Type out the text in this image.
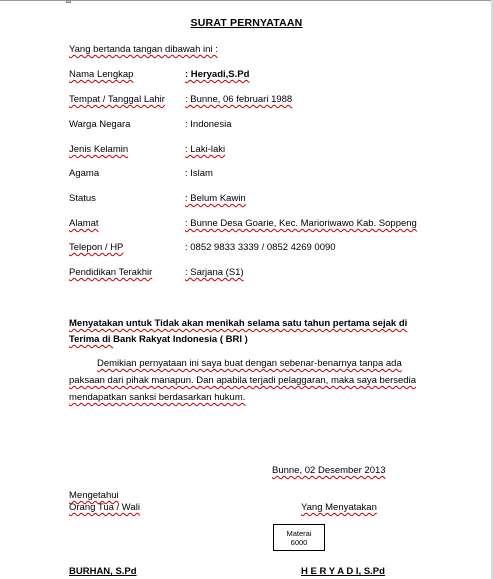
SURAT PERNYATAAN
Yang bertanda tangan dibawah ini :
Nama Lengkap	: Heryadi,S.Pd
Tempat / Tanggal Lahir : Bunne, 06 februari 1988
Warga Negara	: Indonesia
Jenis Kelamin	: Laki-laki
Agama	: Islam
Status	: Belum Kawin
Alamat	: Bunne Desa Goarie, Kec. Marioriwawo Kab. Soppeng
Telepon / HP	: 0852 9833 3339 / 0852 4269 0090
Pendidikan Terakhir	: Sarjana (S1)
Menyatakan untuk Tidak akan menikah selama satu tahun pertama sejak di
Terima di Bank Rakyat Indonesia ( BRI )
Demikian pernyataan ini saya buat dengan sebenar-benarnya tanpa ada
paksaan dari pihak manapun. Dan apabila terjadi pelaggaran, maka saya bersedia
mendapatkan sanksi berdasarkan hukum.
Bunne, 02 Desember 2013
Mengetahui
Orang Tua / Wali	Yang Menyatakan
Materai
6000
BURHAN, S.Pd	H E R Y A D I, S.Pd
